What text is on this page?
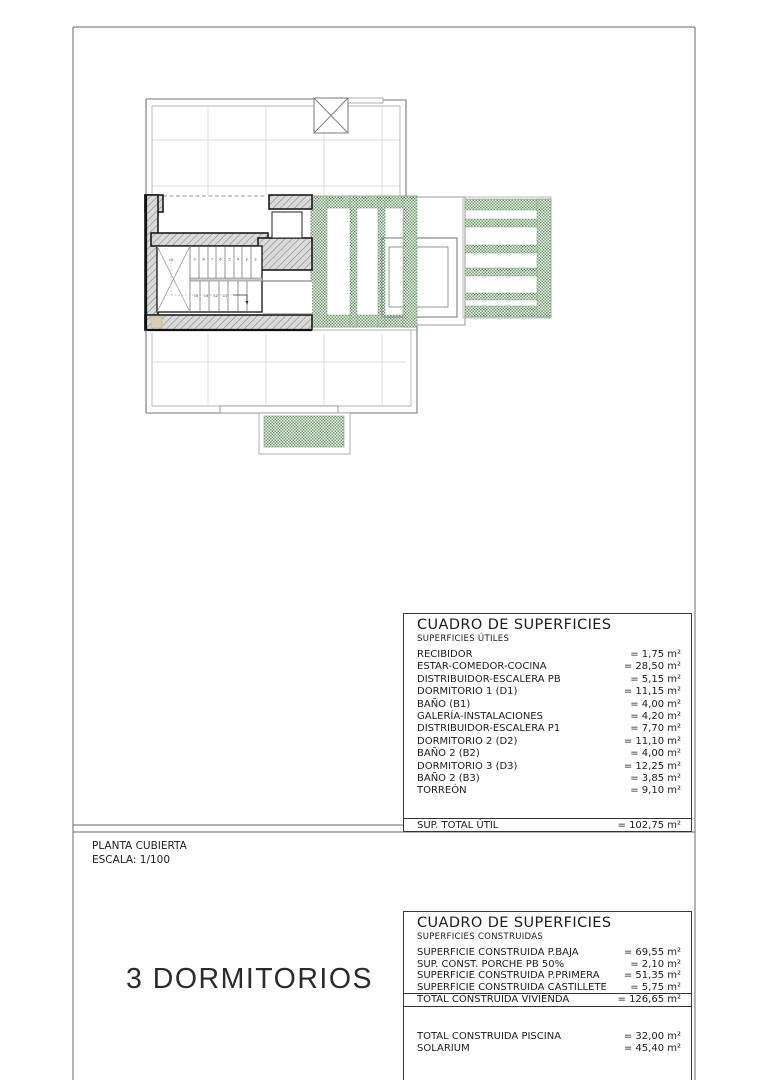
10	9 8 7 6 5 4 3 2
14 13 12 11
CUADRO DE SUPERFICIES
SUPERFICIES ÚTILES
RECIBIDOR	= 1,75 m²
ESTAR-COMEDOR-COCINA	= 28,50 m²
DISTRIBUIDOR-ESCALERA PB	= 5,15 m²
DORMITORIO 1 (D1)	= 11,15 m²
BAÑO (B1)	= 4,00 m²
GALERÍA-INSTALACIONES	= 4,20 m²
DISTRIBUIDOR-ESCALERA P1	= 7,70 m²
DORMITORIO 2 (D2)	= 11,10 m²
BAÑO 2 (B2)	= 4,00 m²
DORMITORIO 3 (D3)	= 12,25 m²
BAÑO 2 (B3)	= 3,85 m²
TORREÓN	= 9,10 m²
SUP. TOTAL ÚTIL	= 102,75 m²
PLANTA CUBIERTA
ESCALA: 1/100
CUADRO DE SUPERFICIES
SUPERFICIES CONSTRUIDAS
SUPERFICIE CONSTRUIDA P.BAJA	= 69,55 m²
SUP. CONST. PORCHE PB 50%	= 2,10 m²
SUPERFICIE CONSTRUIDA P.PRIMERA = 51,35 m²
SUPERFICIE CONSTRUIDA CASTILLETE = 5,75 m²
TOTAL CONSTRUIDA VIVIENDA	= 126,65 m²
TOTAL CONSTRUIDA PISCINA	= 32,00 m²
SOLARIUM	= 45,40 m²
3 DORMITORIOS
